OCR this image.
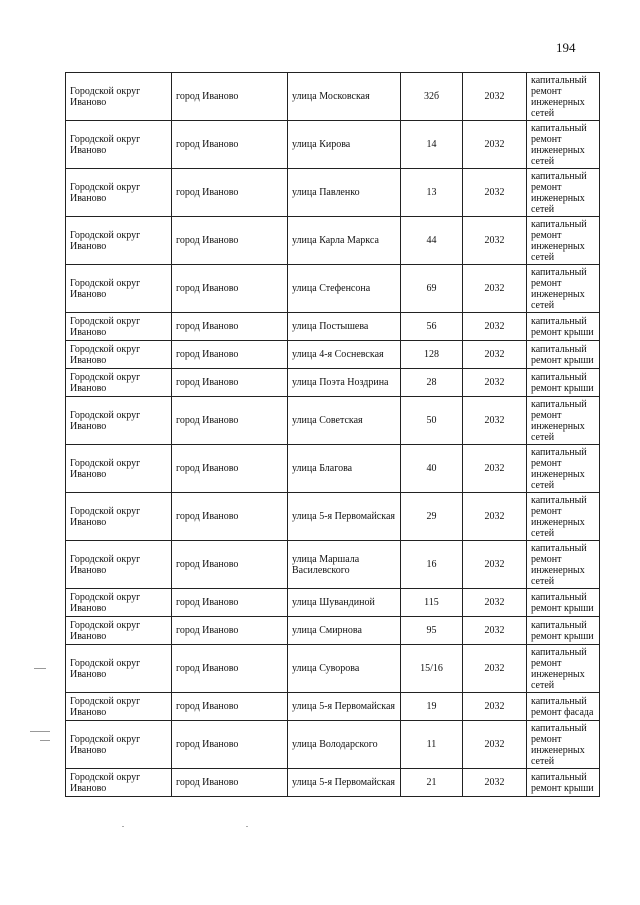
194
Городской округ Иваново	город Иваново	улица Московская	32б	2032	капитальный ремонт инженерных сетей
Городской округ Иваново	город Иваново	улица Кирова	14	2032	капитальный ремонт инженерных сетей
Городской округ Иваново	город Иваново	улица Павленко	13	2032	капитальный ремонт инженерных сетей
Городской округ Иваново	город Иваново	улица Карла Маркса	44	2032	капитальный ремонт инженерных сетей
Городской округ Иваново	город Иваново	улица Стефенсона	69	2032	капитальный ремонт инженерных сетей
Городской округ Иваново	город Иваново	улица Постышева	56	2032	капитальный ремонт крыши
Городской округ Иваново	город Иваново	улица 4-я Сосневская	128	2032	капитальный ремонт крыши
Городской округ Иваново	город Иваново	улица Поэта Ноздрина	28	2032	капитальный ремонт крыши
Городской округ Иваново	город Иваново	улица Советская	50	2032	капитальный ремонт инженерных сетей
Городской округ Иваново	город Иваново	улица Благова	40	2032	капитальный ремонт инженерных сетей
Городской округ Иваново	город Иваново	улица 5-я Первомайская	29	2032	капитальный ремонт инженерных сетей
Городской округ Иваново	город Иваново	улица Маршала Василевского	16	2032	капитальный ремонт инженерных сетей
Городской округ Иваново	город Иваново	улица Шувандиной	115	2032	капитальный ремонт крыши
Городской округ Иваново	город Иваново	улица Смирнова	95	2032	капитальный ремонт крыши
Городской округ Иваново	город Иваново	улица Суворова	15/16	2032	капитальный ремонт инженерных сетей
Городской округ Иваново	город Иваново	улица 5-я Первомайская	19	2032	капитальный ремонт фасада
Городской округ Иваново	город Иваново	улица Володарского	11	2032	капитальный ремонт инженерных сетей
Городской округ Иваново	город Иваново	улица 5-я Первомайская	21	2032	капитальный ремонт крыши
